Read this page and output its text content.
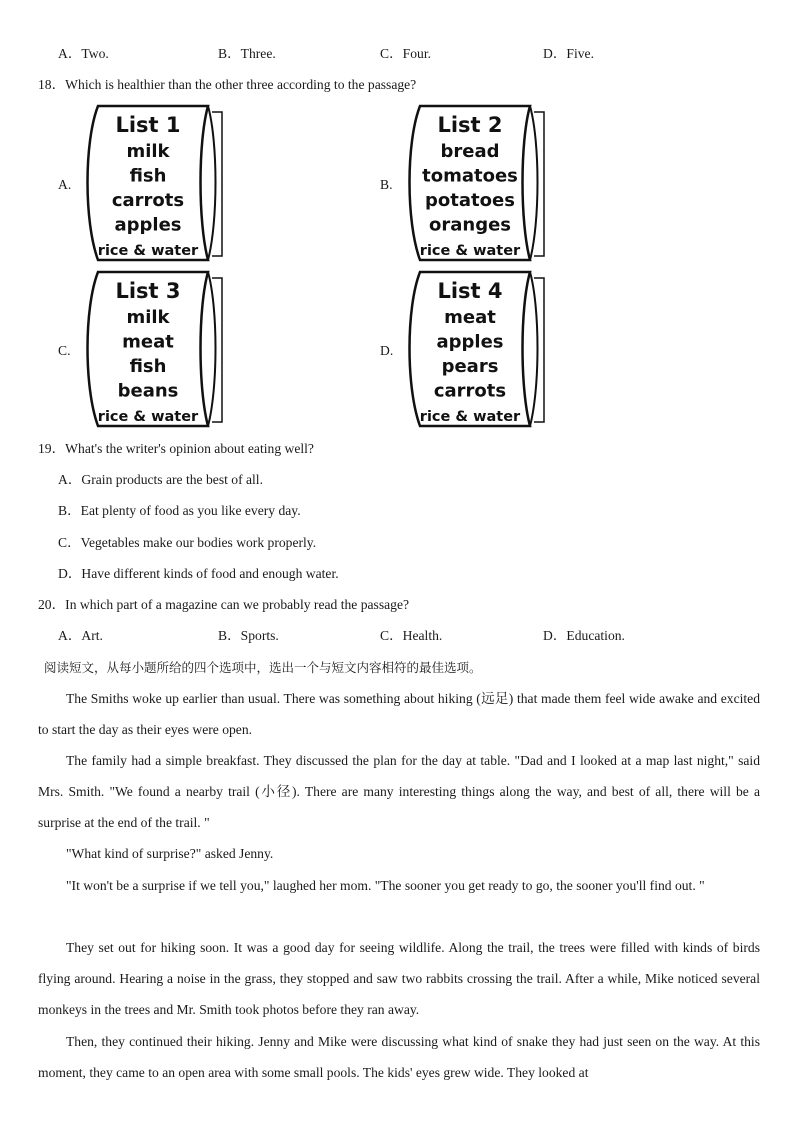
A．Two.	B．Three.	C．Four.	D．Five.
18．Which is healthier than the other three according to the passage?
A.	B.
C.	D.
List 1
milk
fish
carrots
apples
rice & water
List 2
bread
tomatoes
potatoes
oranges
rice & water
List 3
milk
meat
fish
beans
rice & water
List 4
meat
apples
pears
carrots
rice & water
19．What's the writer's opinion about eating well?
A．Grain products are the best of all.
B．Eat plenty of food as you like every day.
C．Vegetables make our bodies work properly.
D．Have different kinds of food and enough water.
20．In which part of a magazine can we probably read the passage?
A．Art.	B．Sports.	C．Health.	D．Education.
阅读短文，从每小题所给的四个选项中，选出一个与短文内容相符的最佳选项。
The Smiths woke up earlier than usual. There was something about hiking (远足) that made them feel wide awake and excited to start the day as their eyes were open.
The family had a simple breakfast. They discussed the plan for the day at table. "Dad and I looked at a map last night," said Mrs. Smith. "We found a nearby trail (小径). There are many interesting things along the way, and best of all, there will be a surprise at the end of the trail. "
"What kind of surprise?" asked Jenny.
"It won't be a surprise if we tell you," laughed her mom. "The sooner you get ready to go, the sooner you'll find out. "
They set out for hiking soon. It was a good day for seeing wildlife. Along the trail, the trees were filled with kinds of birds flying around. Hearing a noise in the grass, they stopped and saw two rabbits crossing the trail. After a while, Mike noticed several monkeys in the trees and Mr. Smith took photos before they ran away.
Then, they continued their hiking. Jenny and Mike were discussing what kind of snake they had just seen on the way. At this moment, they came to an open area with some small pools. The kids' eyes grew wide. They looked at
